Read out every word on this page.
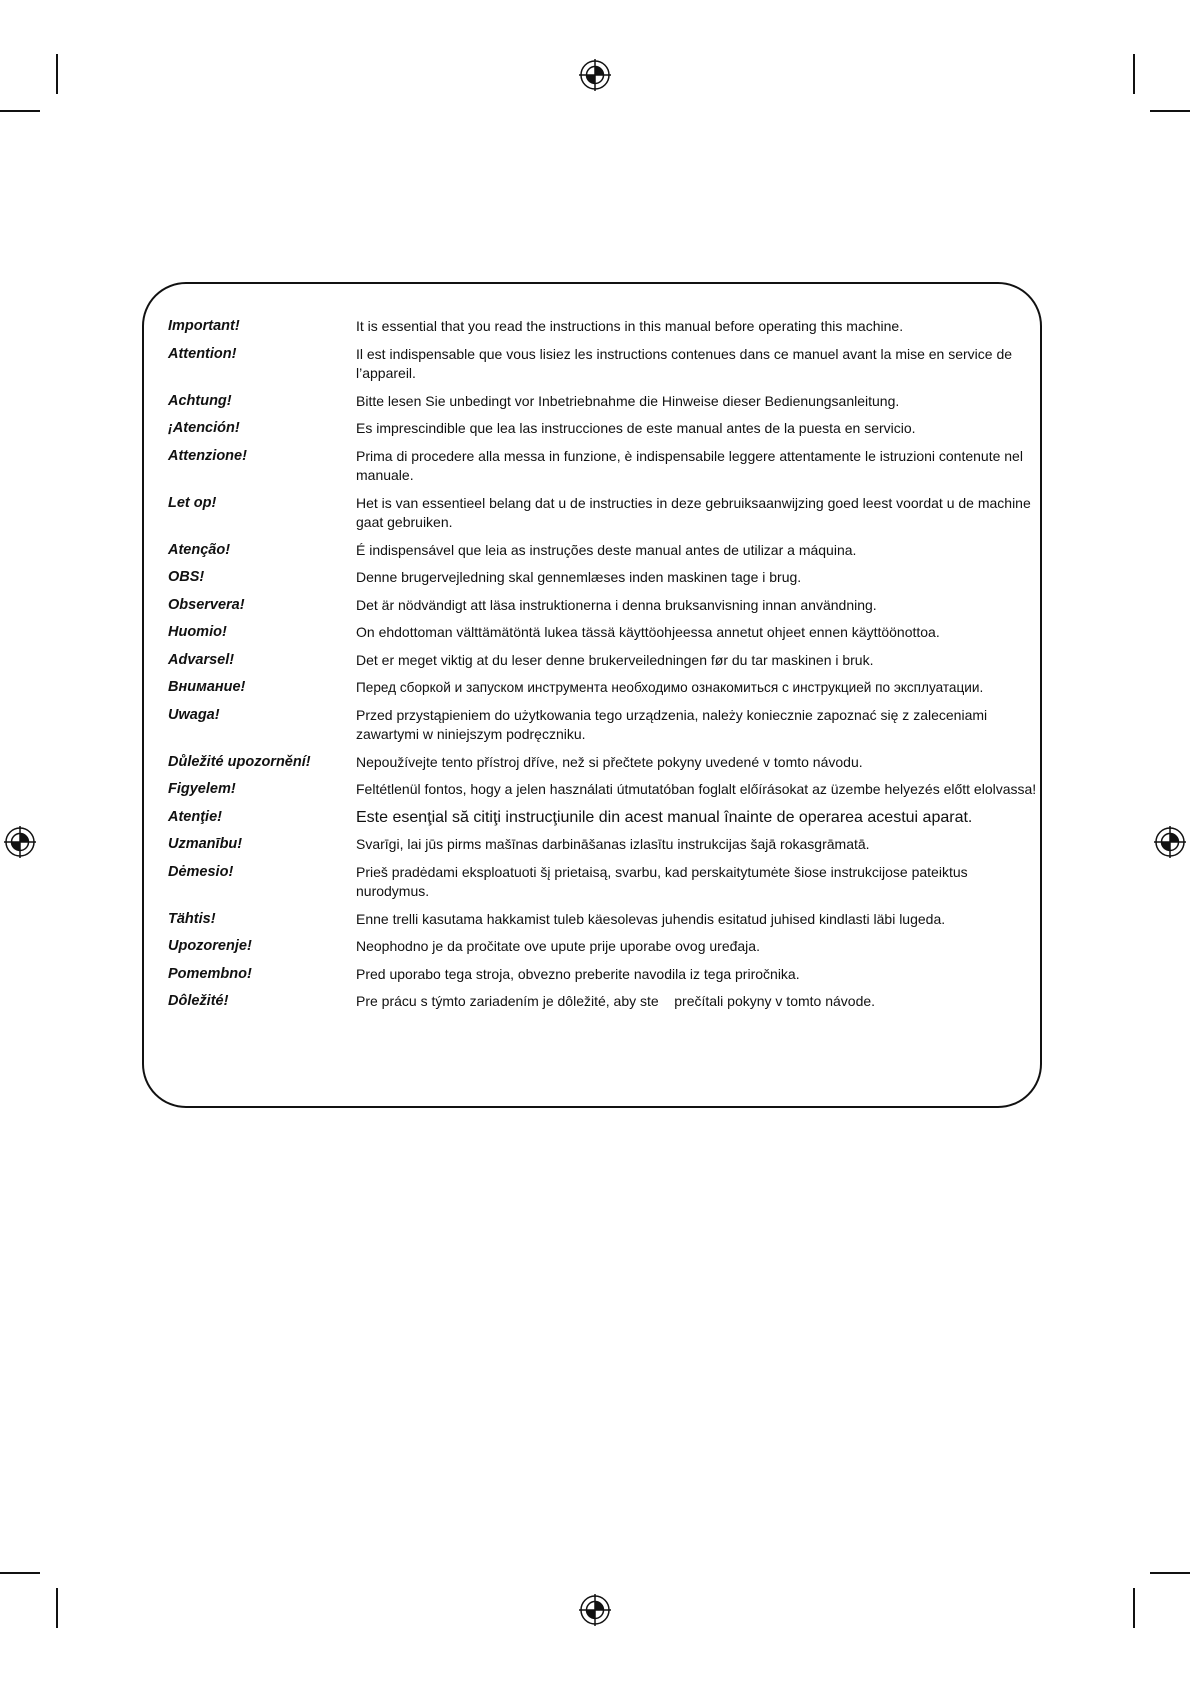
Important!	It is essential that you read the instructions in this manual before operating this machine.
Attention!	Il est indispensable que vous lisiez les instructions contenues dans ce manuel avant la mise en service de l’appareil.
Achtung!	Bitte lesen Sie unbedingt vor Inbetriebnahme die Hinweise dieser Bedienungsanleitung.
¡Atención!	Es imprescindible que lea las instrucciones de este manual antes de la puesta en servicio.
Attenzione!	Prima di procedere alla messa in funzione, è indispensabile leggere attentamente le istruzioni contenute nel manuale.
Let op!	Het is van essentieel belang dat u de instructies in deze gebruiksaanwijzing goed leest voordat u de machine gaat gebruiken.
Atenção!	É indispensável que leia as instruções deste manual antes de utilizar a máquina.
OBS!	Denne brugervejledning skal gennemlæses inden maskinen tage i brug.
Observera!	Det är nödvändigt att läsa instruktionerna i denna bruksanvisning innan användning.
Huomio!	On ehdottoman välttämätöntä lukea tässä käyttöohjeessa annetut ohjeet ennen käyttöönottoa.
Advarsel!	Det er meget viktig at du leser denne brukerveiledningen før du tar maskinen i bruk.
Внимание!	Перед сборкой и запуском инструмента необходимо ознакомиться с инструкцией по эксплуатации.
Uwaga!	Przed przystąpieniem do użytkowania tego urządzenia, należy koniecznie zapoznać się z zaleceniami zawartymi w niniejszym podręczniku.
Důležité upozornění!	Nepoužívejte tento přístroj dříve, než si přečtete pokyny uvedené v tomto návodu.
Figyelem!	Feltétlenül fontos, hogy a jelen használati útmutatóban foglalt előírásokat az üzembe helyezés előtt elolvassa!
Atenţie!	Este esenţial să citiţi instrucţiunile din acest manual înainte de operarea acestui aparat.
Uzmanību!	Svarīgi, lai jūs pirms mašīnas darbināšanas izlasītu instrukcijas šajā rokasgrāmatā.
Dėmesio!	Prieš pradėdami eksploatuoti šį prietaisą, svarbu, kad perskaitytumėte šiose instrukcijose pateiktus nurodymus.
Tähtis!	Enne trelli kasutama hakkamist tuleb käesolevas juhendis esitatud juhised kindlasti läbi lugeda.
Upozorenje!	Neophodno je da pročitate ove upute prije uporabe ovog uređaja.
Pomembno!	Pred uporabo tega stroja, obvezno preberite navodila iz tega priročnika.
Dôležité!	Pre prácu s týmto zariadením je dôležité, aby ste    prečítali pokyny v tomto návode.
